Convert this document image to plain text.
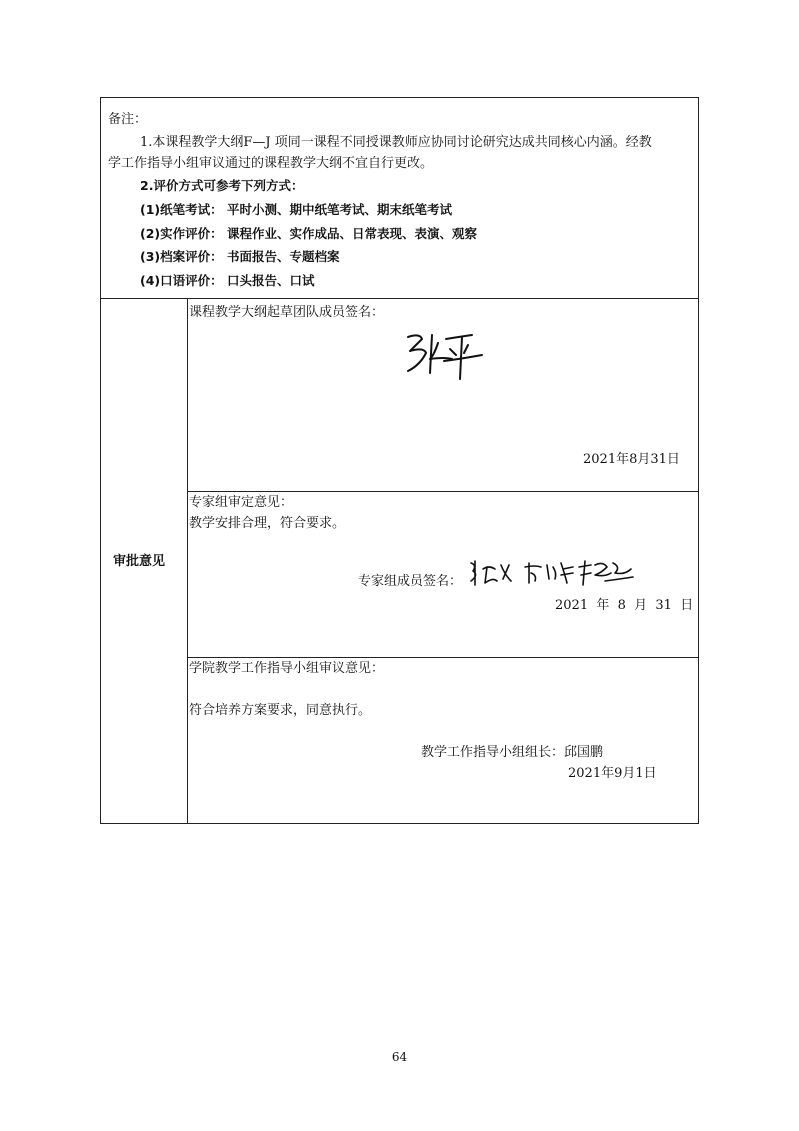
备注：
1.本课程教学大纲F—J 项同一课程不同授课教师应协同讨论研究达成共同核心内涵。经教
学工作指导小组审议通过的课程教学大纲不宜自行更改。
2.评价方式可参考下列方式：
(1)纸笔考试： 平时小测、期中纸笔考试、期末纸笔考试
(2)实作评价： 课程作业、实作成品、日常表现、表演、观察
(3)档案评价： 书面报告、专题档案
(4)口语评价： 口头报告、口试
审批意见
课程教学大纲起草团队成员签名：
2021年8月31日
专家组审定意见：
教学安排合理，符合要求。
专家组成员签名：
2021  年  8  月  31  日
学院教学工作指导小组审议意见：
符合培养方案要求，同意执行。
教学工作指导小组组长：邱国鹏
2021年9月1日
64
